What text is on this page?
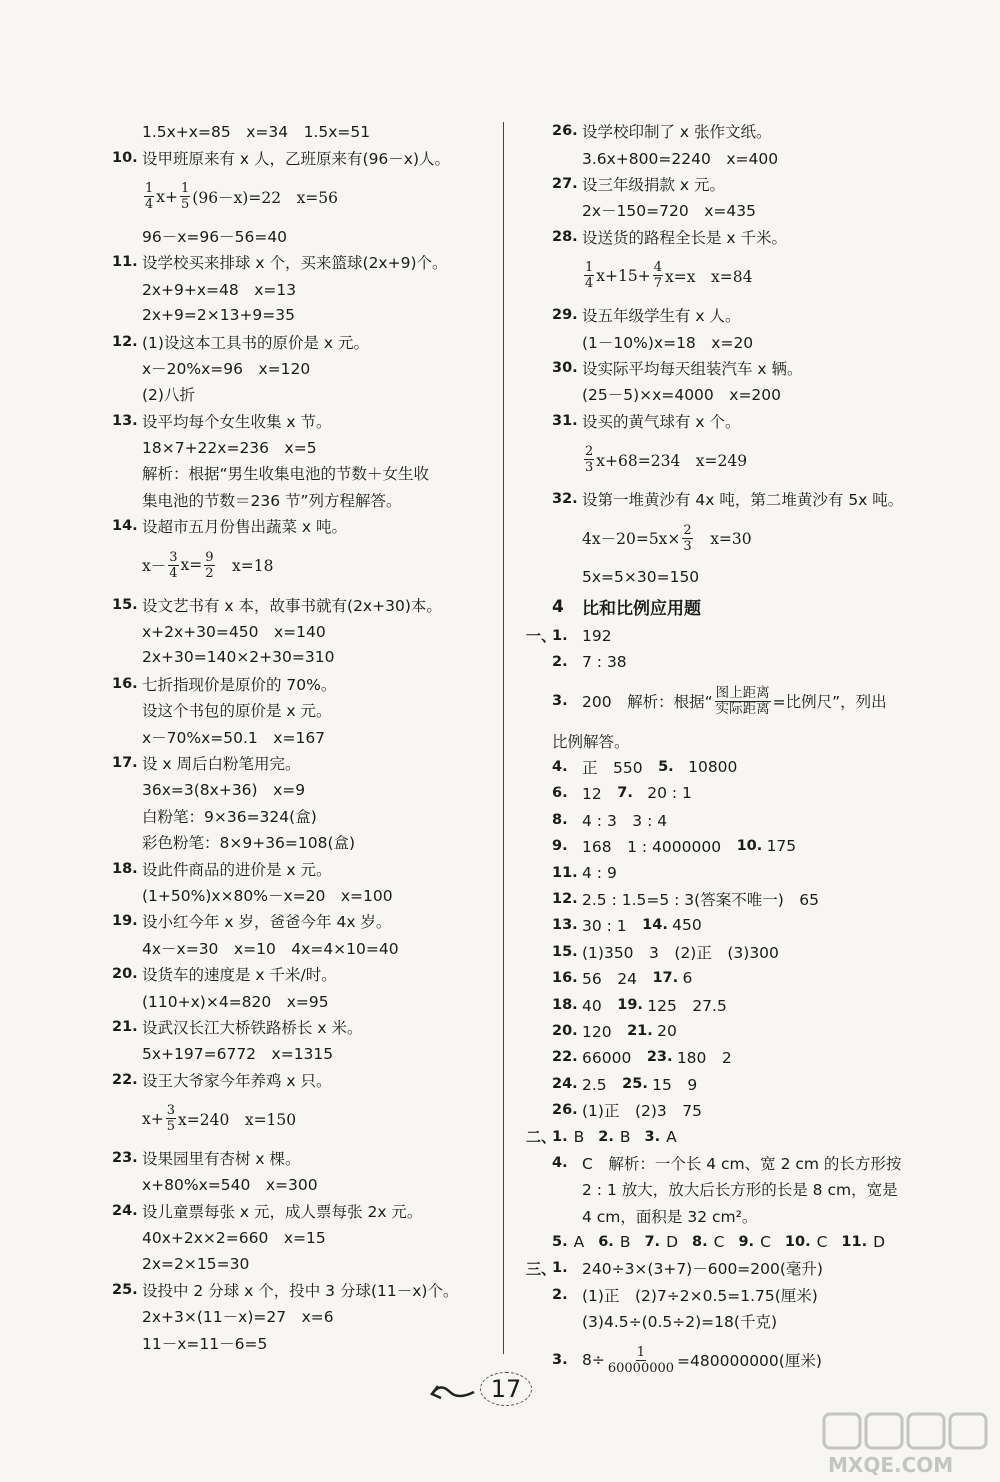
1.5x+x=85　x=34　1.5x=51
10. 设甲班原来有 x 人，乙班原来有(96－x)人。
$\frac{1}{4} x+ \frac{1}{5} (96-x)=22$　x=56
96－x=96－56=40
11. 设学校买来排球 x 个，买来篮球(2x+9)个。
2x+9+x=48　x=13
2x+9=2×13+9=35
12. (1)设这本工具书的原价是 x 元。
x－20%x=96　x=120
(2)八折
13. 设平均每个女生收集 x 节。
18×7+22x=236　x=5
解析：根据“男生收集电池的节数＋女生收
集电池的节数＝236 节”列方程解答。
14. 设超市五月份售出蔬菜 x 吨。
$x- \frac{3}{4} x= \frac{9}{2}$ 　x=18
15. 设文艺书有 x 本，故事书就有(2x+30)本。
x+2x+30=450　x=140
2x+30=140×2+30=310
16. 七折指现价是原价的 70%。
设这个书包的原价是 x 元。
x－70%x=50.1　x=167
17. 设 x 周后白粉笔用完。
36x=3(8x+36)　x=9
白粉笔：9×36=324(盒)
彩色粉笔：8×9+36=108(盒)
18. 设此件商品的进价是 x 元。
(1+50%)x×80%－x=20　x=100
19. 设小红今年 x 岁，爸爸今年 4x 岁。
4x－x=30　x=10　4x=4×10=40
20. 设货车的速度是 x 千米/时。
(110+x)×4=820　x=95
21. 设武汉长江大桥铁路桥长 x 米。
5x+197=6772　x=1315
22. 设王大爷家今年养鸡 x 只。
$x+ \frac{3}{5} x=240$　x=150
23. 设果园里有杏树 x 棵。
x+80%x=540　x=300
24. 设儿童票每张 x 元，成人票每张 2x 元。
40x+2x×2=660　x=15
2x=2×15=30
25. 设投中 2 分球 x 个，投中 3 分球(11－x)个。
2x+3×(11－x)=27　x=6
11－x=11－6=5
26. 设学校印制了 x 张作文纸。
3.6x+800=2240　x=400
27. 设三年级捐款 x 元。
2x－150=720　x=435
28. 设送货的路程全长是 x 千米。
$\frac{1}{4} x+15+ \frac{4}{7} x=x$　x=84
29. 设五年级学生有 x 人。
(1－10%)x=18　x=20
30. 设实际平均每天组装汽车 x 辆。
(25－5)×x=4000　x=200
31. 设买的黄气球有 x 个。
$\frac{2}{3} x+68=234$　x=249
32. 设第一堆黄沙有 4x 吨，第二堆黄沙有 5x 吨。
$4x-20=5x\times \frac{2}{3}$ 　x=30
5x=5×30=150
4	比和比例应用题
一、
1. 192
2. 7 : 38
3. 200　解析：根据“ $\frac{\text{图上距离}}{\text{实际距离}}$ =比例尺”，列出
比例解答。
4. 正　550　 5. 10800
6. 12　 7. 20 : 1
8. 4 : 3　3 : 4
9. 168　1 : 4000000　 10. 175
11. 4 : 9
12. 2.5 : 1.5=5 : 3(答案不唯一)　65
13. 30 : 1　 14. 450
15. (1)350　3　(2)正　(3)300
16. 56　24　 17. 6
18. 40　 19. 125　27.5
20. 120　 21. 20
22. 66000　 23. 180　2
24. 2.5　 25. 15　9
26. (1)正　(2)3　75
二、
1. B 2. B 3. A
4. C　解析：一个长 4 cm、宽 2 cm 的长方形按
2 : 1 放大，放大后长方形的长是 8 cm，宽是
4 cm，面积是 32 cm²。
5. A 6. B 7. D 8. C 9. C 10. C 11. D
三、
1. 240÷3×(3+7)－600=200(毫升)
2. (1)正　(2)7÷2×0.5=1.75(厘米)
(3)4.5÷(0.5÷2)=18(千克)
3. $8\div \frac{1}{60000000} =480000000$(厘米)
17
MXQE.COM
